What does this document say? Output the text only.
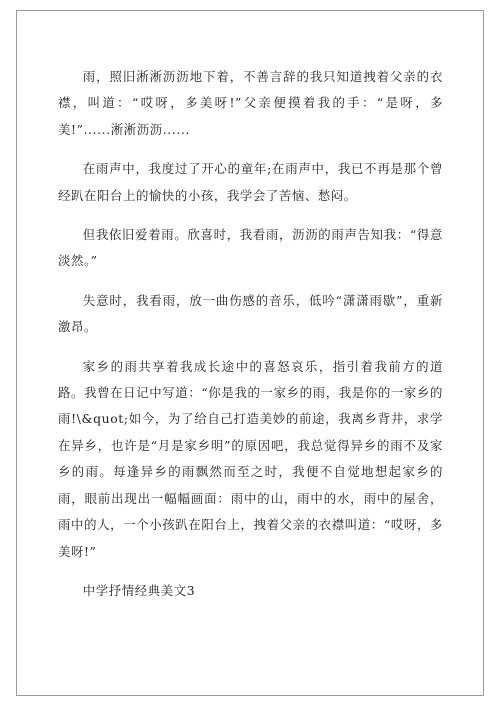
雨，照旧淅淅沥沥地下着，不善言辞的我只知道拽着父亲的衣襟，叫道：“哎呀，多美呀!”父亲便摸着我的手：“是呀，多美!”......淅淅沥沥......

在雨声中，我度过了开心的童年;在雨声中，我已不再是那个曾经趴在阳台上的愉快的小孩，我学会了苦恼、愁闷。

但我依旧爱着雨。欣喜时，我看雨，沥沥的雨声告知我：“得意淡然。”

失意时，我看雨，放一曲伤感的音乐，低吟“潇潇雨歇”，重新激昂。

家乡的雨共享着我成长途中的喜怒哀乐，指引着我前方的道路。我曾在日记中写道：“你是我的一家乡的雨，我是你的一家乡的雨!\&quot;如今，为了给自己打造美妙的前途，我离乡背井，求学在异乡，也许是“月是家乡明”的原因吧，我总觉得异乡的雨不及家乡的雨。每逢异乡的雨飘然而至之时，我便不自觉地想起家乡的雨，眼前出现出一幅幅画面：雨中的山，雨中的水，雨中的屋舍，雨中的人，一个小孩趴在阳台上，拽着父亲的衣襟叫道：“哎呀，多美呀!”

中学抒情经典美文3
